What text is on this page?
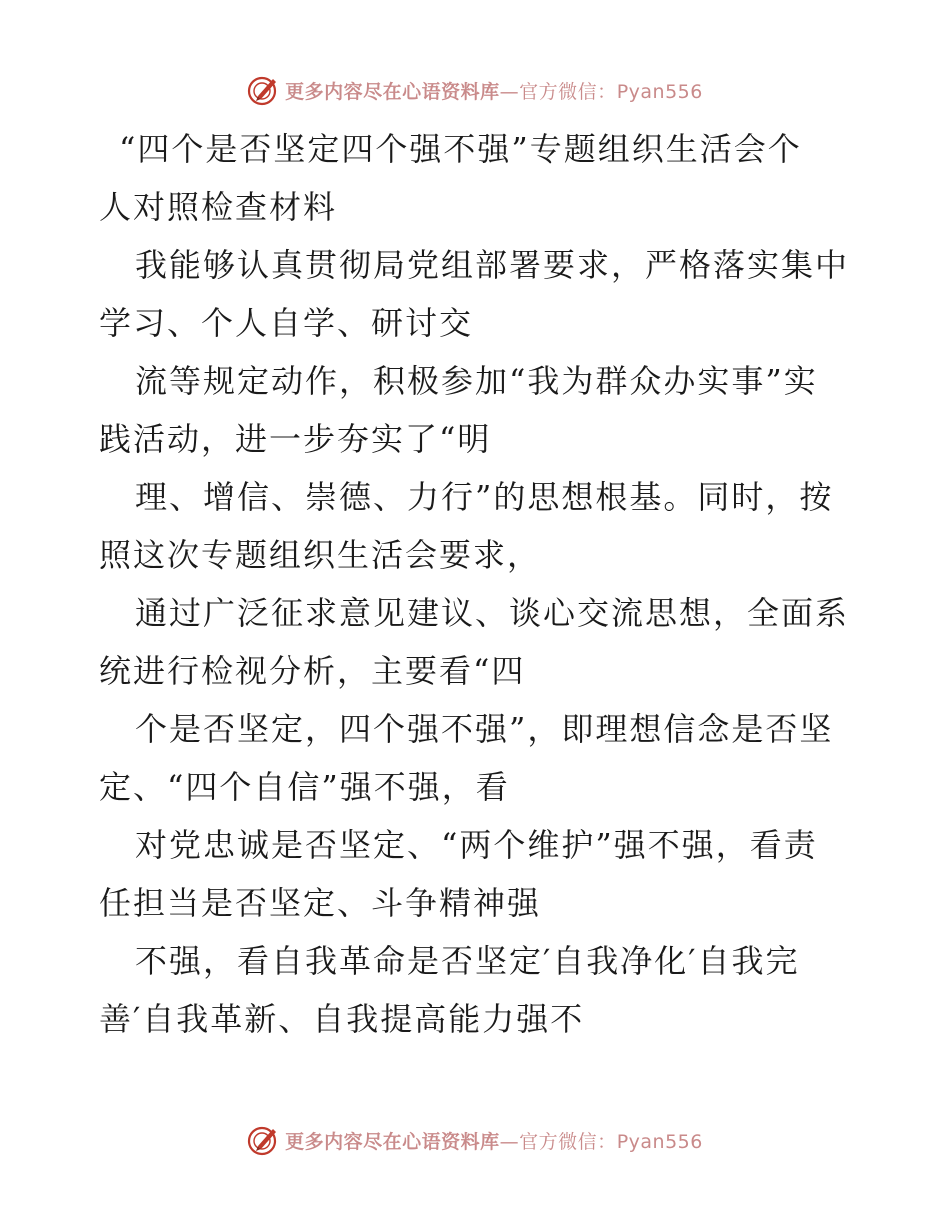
更多内容尽在心语资料库—官方微信：Pyan556

“四个是否坚定四个强不强”专题组织生活会个
人对照检查材料

我能够认真贯彻局党组部署要求，严格落实集中
学习、个人自学、研讨交

流等规定动作，积极参加“我为群众办实事”实
践活动，进一步夯实了“明

理、增信、崇德、力行”的思想根基。同时，按
照这次专题组织生活会要求，

通过广泛征求意见建议、谈心交流思想，全面系
统进行检视分析，主要看“四

个是否坚定，四个强不强”，即理想信念是否坚
定、“四个自信”强不强，看

对党忠诚是否坚定、“两个维护”强不强，看责
任担当是否坚定、斗争精神强

不强，看自我革命是否坚定′自我净化′自我完
善′自我革新、自我提高能力强不

更多内容尽在心语资料库—官方微信：Pyan556
